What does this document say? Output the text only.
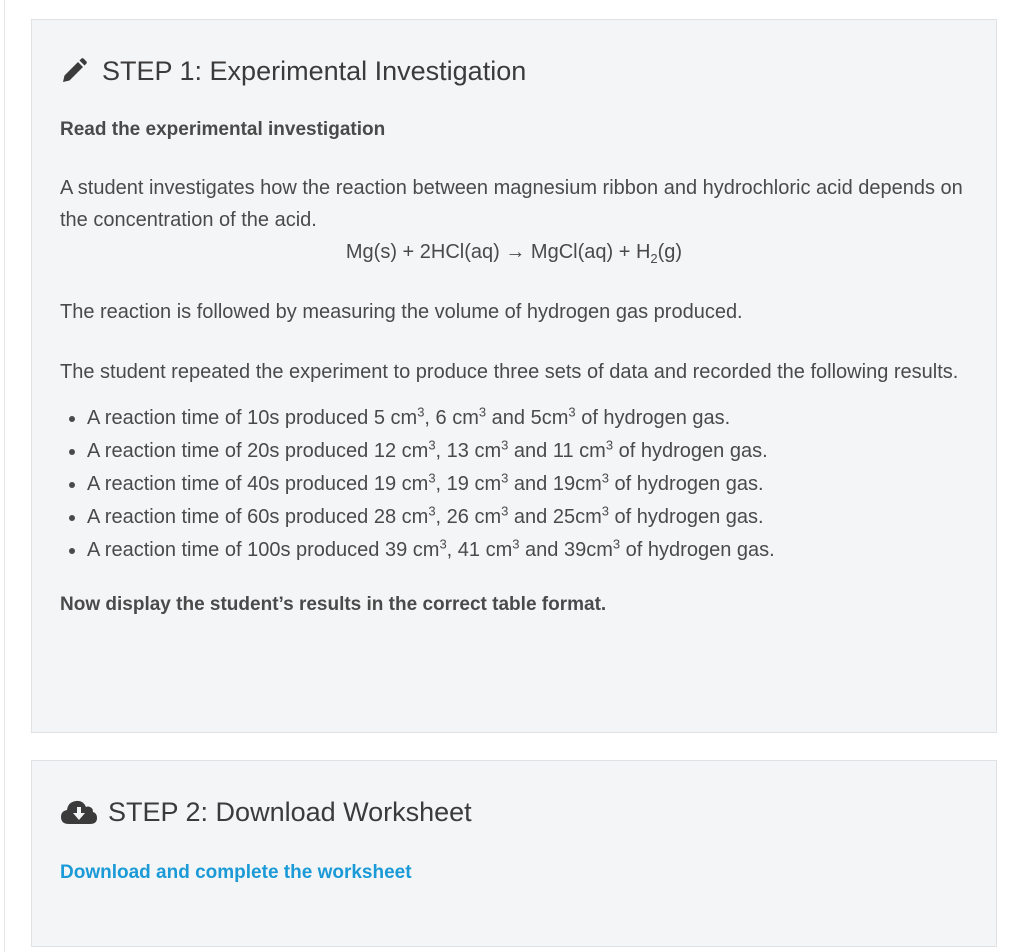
STEP 1: Experimental Investigation

Read the experimental investigation

A student investigates how the reaction between magnesium ribbon and hydrochloric acid depends on the concentration of the acid.

Mg(s) + 2HCl(aq) → MgCl(aq) + $H_2(g)$

The reaction is followed by measuring the volume of hydrogen gas produced.

The student repeated the experiment to produce three sets of data and recorded the following results.

• A reaction time of 10s produced 5 $cm^3$, 6 $cm^3$ and $5cm^3$ of hydrogen gas.
• A reaction time of 20s produced 12 $cm^3$, 13 $cm^3$ and 11 $cm^3$ of hydrogen gas.
• A reaction time of 40s produced 19 $cm^3$, 19 $cm^3$ and $19cm^3$ of hydrogen gas.
• A reaction time of 60s produced 28 $cm^3$, 26 $cm^3$ and $25cm^3$ of hydrogen gas.
• A reaction time of 100s produced 39 $cm^3$, 41 $cm^3$ and $39cm^3$ of hydrogen gas.

Now display the student’s results in the correct table format.

STEP 2: Download Worksheet
Download and complete the worksheet
